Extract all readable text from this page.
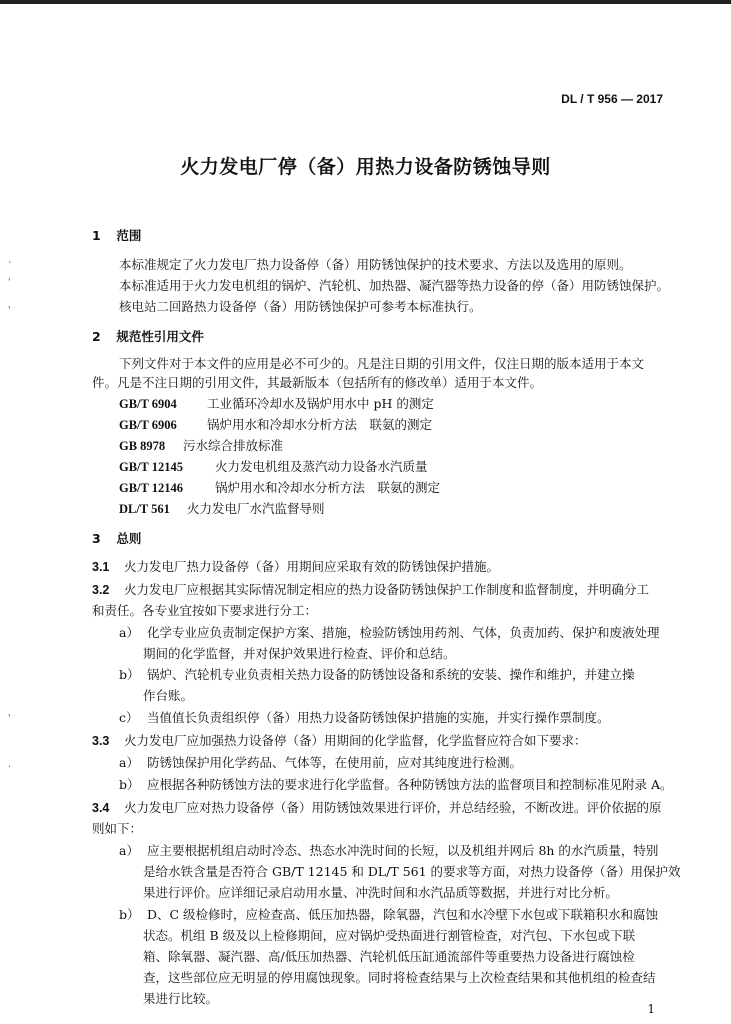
DL / T 956 — 2017
火力发电厂停（备）用热力设备防锈蚀导则
`
'
'
'
.
1 范围
本标准规定了火力发电厂热力设备停（备）用防锈蚀保护的技术要求、方法以及选用的原则。
本标准适用于火力发电机组的锅炉、汽轮机、加热器、凝汽器等热力设备的停（备）用防锈蚀保护。
核电站二回路热力设备停（备）用防锈蚀保护可参考本标准执行。
2 规范性引用文件
下列文件对于本文件的应用是必不可少的。凡是注日期的引用文件，仅注日期的版本适用于本文
件。凡是不注日期的引用文件，其最新版本（包括所有的修改单）适用于本文件。
GB/T 6904 工业循环冷却水及锅炉用水中 pH 的测定
GB/T 6906 锅炉用水和冷却水分析方法　联氨的测定
GB 8978 污水综合排放标准
GB/T 12145	火力发电机组及蒸汽动力设备水汽质量
GB/T 12146	锅炉用水和冷却水分析方法　联氨的测定
DL/T 561 火力发电厂水汽监督导则
3 总则
3.1 火力发电厂热力设备停（备）用期间应采取有效的防锈蚀保护措施。
3.2 火力发电厂应根据其实际情况制定相应的热力设备防锈蚀保护工作制度和监督制度，并明确分工
和责任。各专业宜按如下要求进行分工：
a） 化学专业应负责制定保护方案、措施，检验防锈蚀用药剂、气体，负责加药、保护和废液处理
期间的化学监督，并对保护效果进行检查、评价和总结。
b） 锅炉、汽轮机专业负责相关热力设备的防锈蚀设备和系统的安装、操作和维护，并建立操
作台账。
c） 当值值长负责组织停（备）用热力设备防锈蚀保护措施的实施，并实行操作票制度。
3.3 火力发电厂应加强热力设备停（备）用期间的化学监督，化学监督应符合如下要求：
a） 防锈蚀保护用化学药品、气体等，在使用前，应对其纯度进行检测。
b） 应根据各种防锈蚀方法的要求进行化学监督。各种防锈蚀方法的监督项目和控制标准见附录 A。
3.4 火力发电厂应对热力设备停（备）用防锈蚀效果进行评价，并总结经验，不断改进。评价依据的原
则如下：
a） 应主要根据机组启动时冷态、热态水冲洗时间的长短，以及机组并网后 8h 的水汽质量，特别
是给水铁含量是否符合 GB/T 12145 和 DL/T 561 的要求等方面，对热力设备停（备）用保护效
果进行评价。应详细记录启动用水量、冲洗时间和水汽品质等数据，并进行对比分析。
b） D、C 级检修时，应检查高、低压加热器，除氧器，汽包和水冷壁下水包或下联箱积水和腐蚀
状态。机组 B 级及以上检修期间，应对锅炉受热面进行割管检查，对汽包、下水包或下联
箱、除氧器、凝汽器、高/低压加热器、汽轮机低压缸通流部件等重要热力设备进行腐蚀检
查，这些部位应无明显的停用腐蚀现象。同时将检查结果与上次检查结果和其他机组的检查结
果进行比较。
1
